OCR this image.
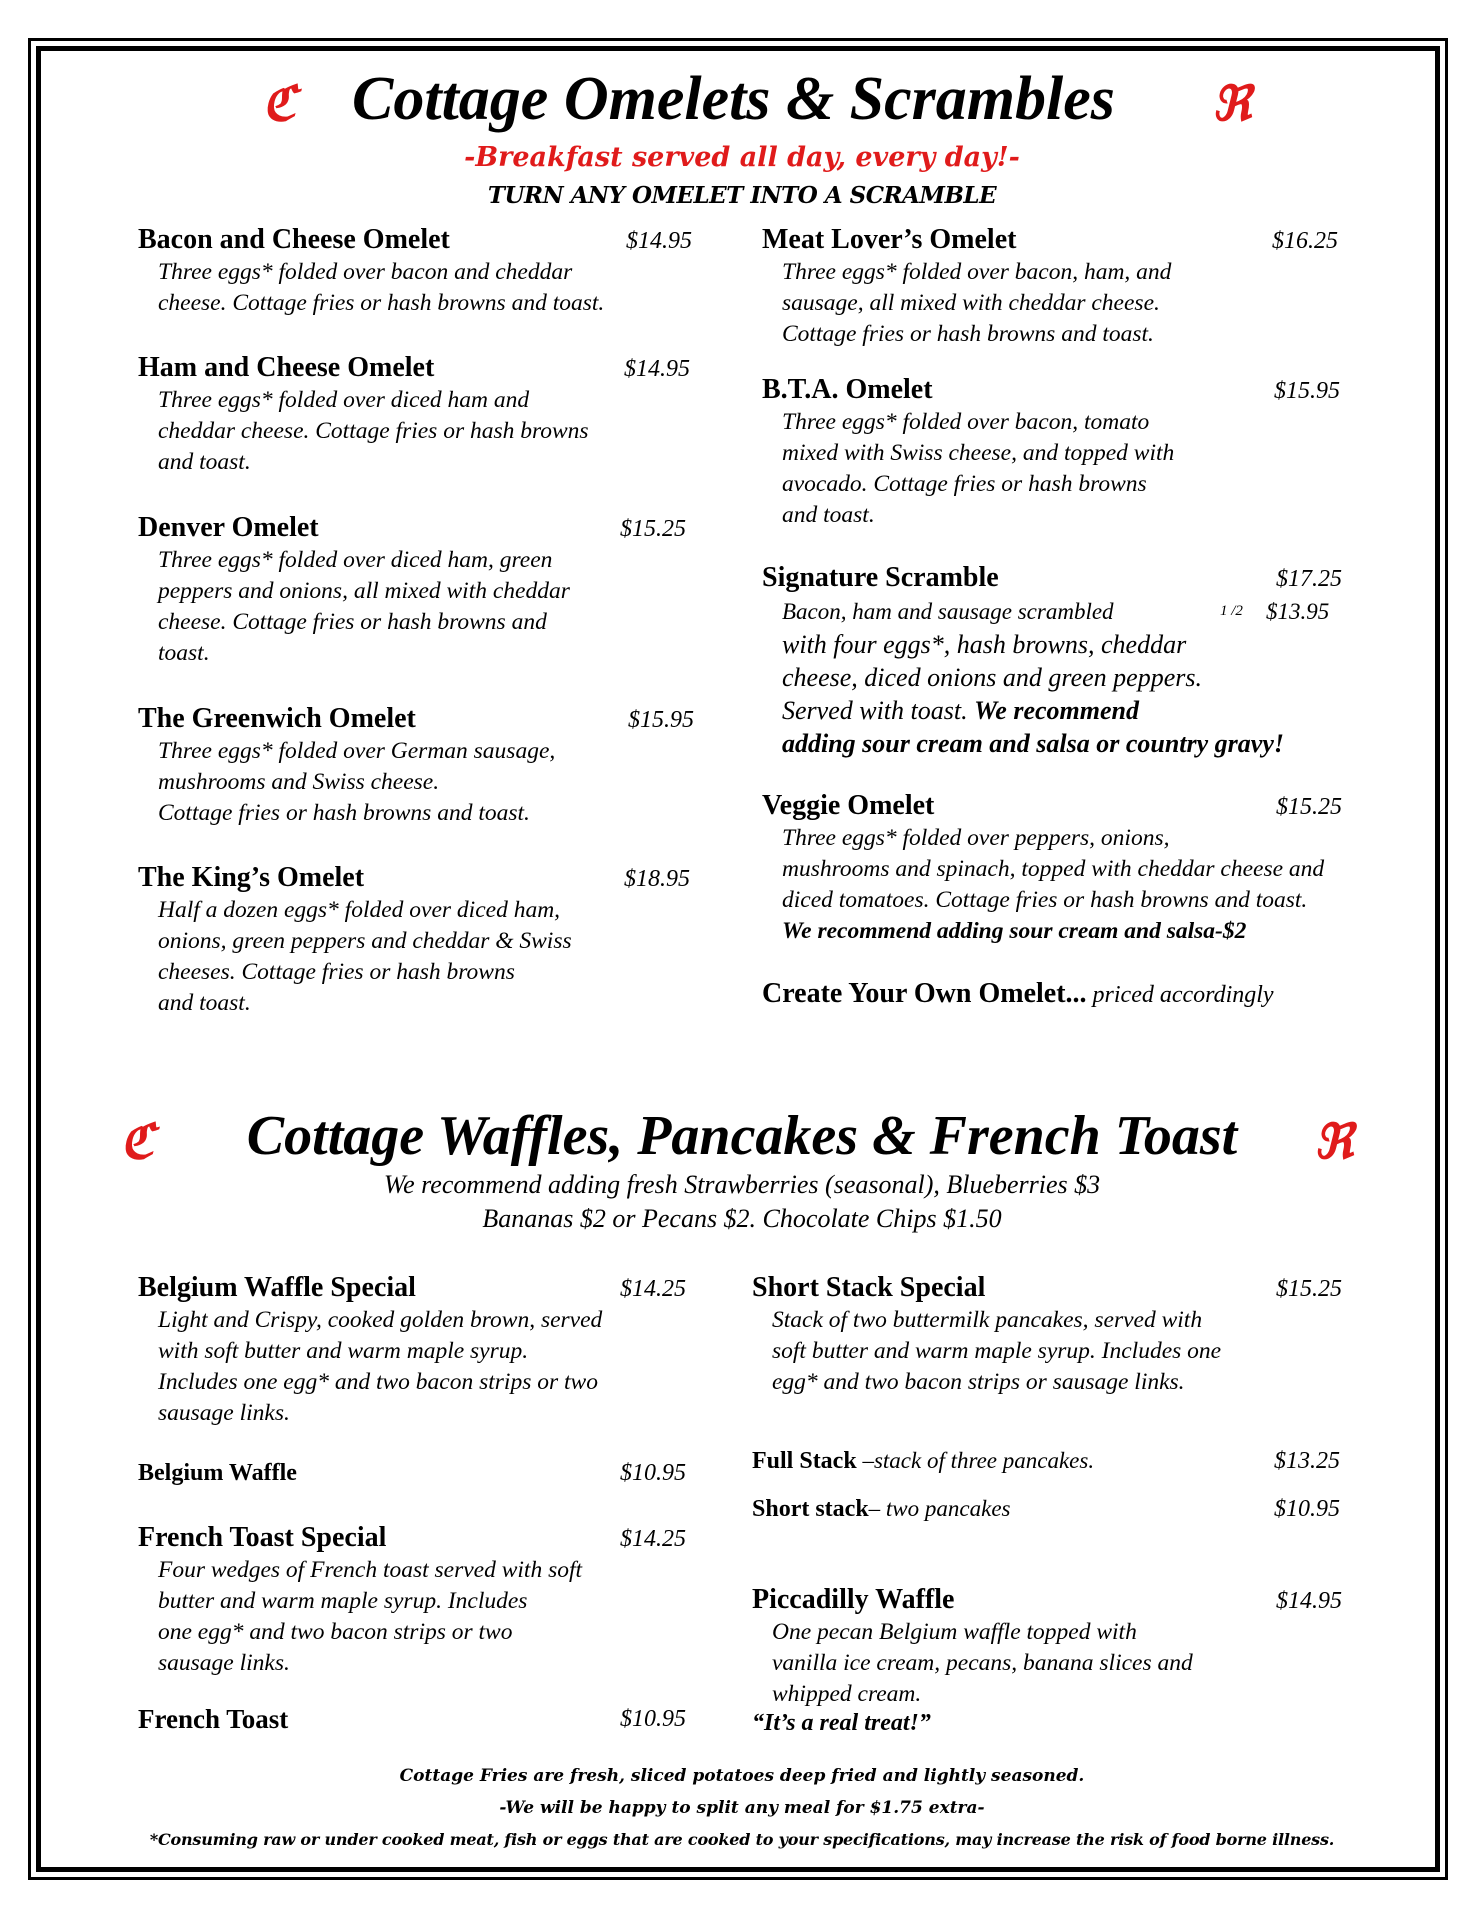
ℭ Cottage Omelets & Scrambles	ℜ
-Breakfast served all day, every day!-
TURN ANY OMELET INTO A SCRAMBLE
Bacon and Cheese Omelet	$14.95
Three eggs* folded over bacon and cheddar
cheese. Cottage fries or hash browns and toast.
Ham and Cheese Omelet	$14.95
Three eggs* folded over diced ham and
cheddar cheese. Cottage fries or hash browns
and toast.
Denver Omelet	$15.25
Three eggs* folded over diced ham, green
peppers and onions, all mixed with cheddar
cheese. Cottage fries or hash browns and
toast.
The Greenwich Omelet	$15.95
Three eggs* folded over German sausage,
mushrooms and Swiss cheese.
Cottage fries or hash browns and toast.
The King’s Omelet	$18.95
Half a dozen eggs* folded over diced ham,
onions, green peppers and cheddar & Swiss
cheeses. Cottage fries or hash browns
and toast.
Meat Lover’s Omelet	$16.25
Three eggs* folded over bacon, ham, and
sausage, all mixed with cheddar cheese.
Cottage fries or hash browns and toast.
B.T.A. Omelet	$15.95
Three eggs* folded over bacon, tomato
mixed with Swiss cheese, and topped with
avocado. Cottage fries or hash browns
and toast.
Signature Scramble	$17.25
Bacon, ham and sausage scrambled	1 /2 $13.95
with four eggs*, hash browns, cheddar
cheese, diced onions and green peppers.
Served with toast. We recommend
adding sour cream and salsa or country gravy!
Veggie Omelet	$15.25
Three eggs* folded over peppers, onions,
mushrooms and spinach, topped with cheddar cheese and
diced tomatoes. Cottage fries or hash browns and toast.
We recommend adding sour cream and salsa-$2
Create Your Own Omelet... priced accordingly
ℭ	Cottage Waffles, Pancakes & French Toast	ℜ
We recommend adding fresh Strawberries (seasonal), Blueberries $3
Bananas $2 or Pecans $2. Chocolate Chips $1.50
Belgium Waffle Special	$14.25
Light and Crispy, cooked golden brown, served
with soft butter and warm maple syrup.
Includes one egg* and two bacon strips or two
sausage links.
Belgium Waffle	$10.95
French Toast Special	$14.25
Four wedges of French toast served with soft
butter and warm maple syrup. Includes
one egg* and two bacon strips or two
sausage links.
French Toast	$10.95
Short Stack Special	$15.25
Stack of two buttermilk pancakes, served with
soft butter and warm maple syrup. Includes one
egg* and two bacon strips or sausage links.
Full Stack –stack of three pancakes.	$13.25
Short stack– two pancakes	$10.95
Piccadilly Waffle	$14.95
One pecan Belgium waffle topped with
vanilla ice cream, pecans, banana slices and
whipped cream.
“It’s a real treat!”
Cottage Fries are fresh, sliced potatoes deep fried and lightly seasoned.
-We will be happy to split any meal for $1.75 extra-
*Consuming raw or under cooked meat, fish or eggs that are cooked to your specifications, may increase the risk of food borne illness.
